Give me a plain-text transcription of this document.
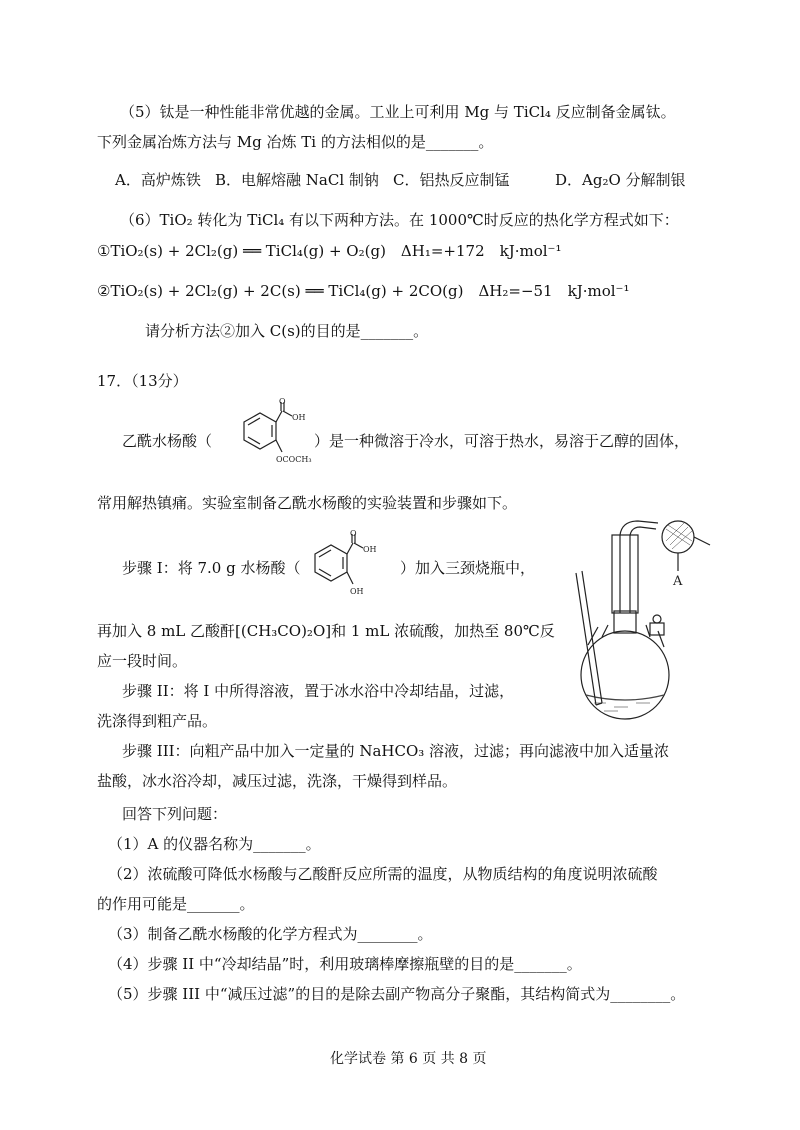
（5）钛是一种性能非常优越的金属。工业上可利用 Mg 与 TiCl₄ 反应制备金属钛。
下列金属冶炼方法与 Mg 冶炼 Ti 的方法相似的是_______。
A．高炉炼铁 B．电解熔融 NaCl 制钠 C．铝热反应制锰	D．Ag₂O 分解制银
（6）TiO₂ 转化为 TiCl₄ 有以下两种方法。在 1000℃时反应的热化学方程式如下：
①TiO₂(s) + 2Cl₂(g) ══ TiCl₄(g) + O₂(g)　ΔH₁=+172　kJ·mol⁻¹
②TiO₂(s) + 2Cl₂(g) + 2C(s) ══ TiCl₄(g) + 2CO(g)　ΔH₂=−51　kJ·mol⁻¹
请分析方法②加入 C(s)的目的是_______。
17．（13分）
乙酰水杨酸（
O
OH
OCOCH₃
）是一种微溶于冷水，可溶于热水，易溶于乙醇的固体，
常用解热镇痛。实验室制备乙酰水杨酸的实验装置和步骤如下。
步骤 I：将 7.0 g 水杨酸（
O
OH
OH
）加入三颈烧瓶中，
再加入 8 mL 乙酸酐[(CH₃CO)₂O]和 1 mL 浓硫酸，加热至 80℃反
应一段时间。
步骤 II：将 I 中所得溶液，置于冰水浴中冷却结晶，过滤，
洗涤得到粗产品。
A
步骤 III：向粗产品中加入一定量的 NaHCO₃ 溶液，过滤；再向滤液中加入适量浓
盐酸，冰水浴冷却，减压过滤，洗涤，干燥得到样品。
回答下列问题：
（1）A 的仪器名称为_______。
（2）浓硫酸可降低水杨酸与乙酸酐反应所需的温度，从物质结构的角度说明浓硫酸
的作用可能是_______。
（3）制备乙酰水杨酸的化学方程式为________。
（4）步骤 II 中“冷却结晶”时，利用玻璃棒摩擦瓶壁的目的是_______。
（5）步骤 III 中“减压过滤”的目的是除去副产物高分子聚酯，其结构简式为________。
化学试卷 第 6 页 共 8 页
